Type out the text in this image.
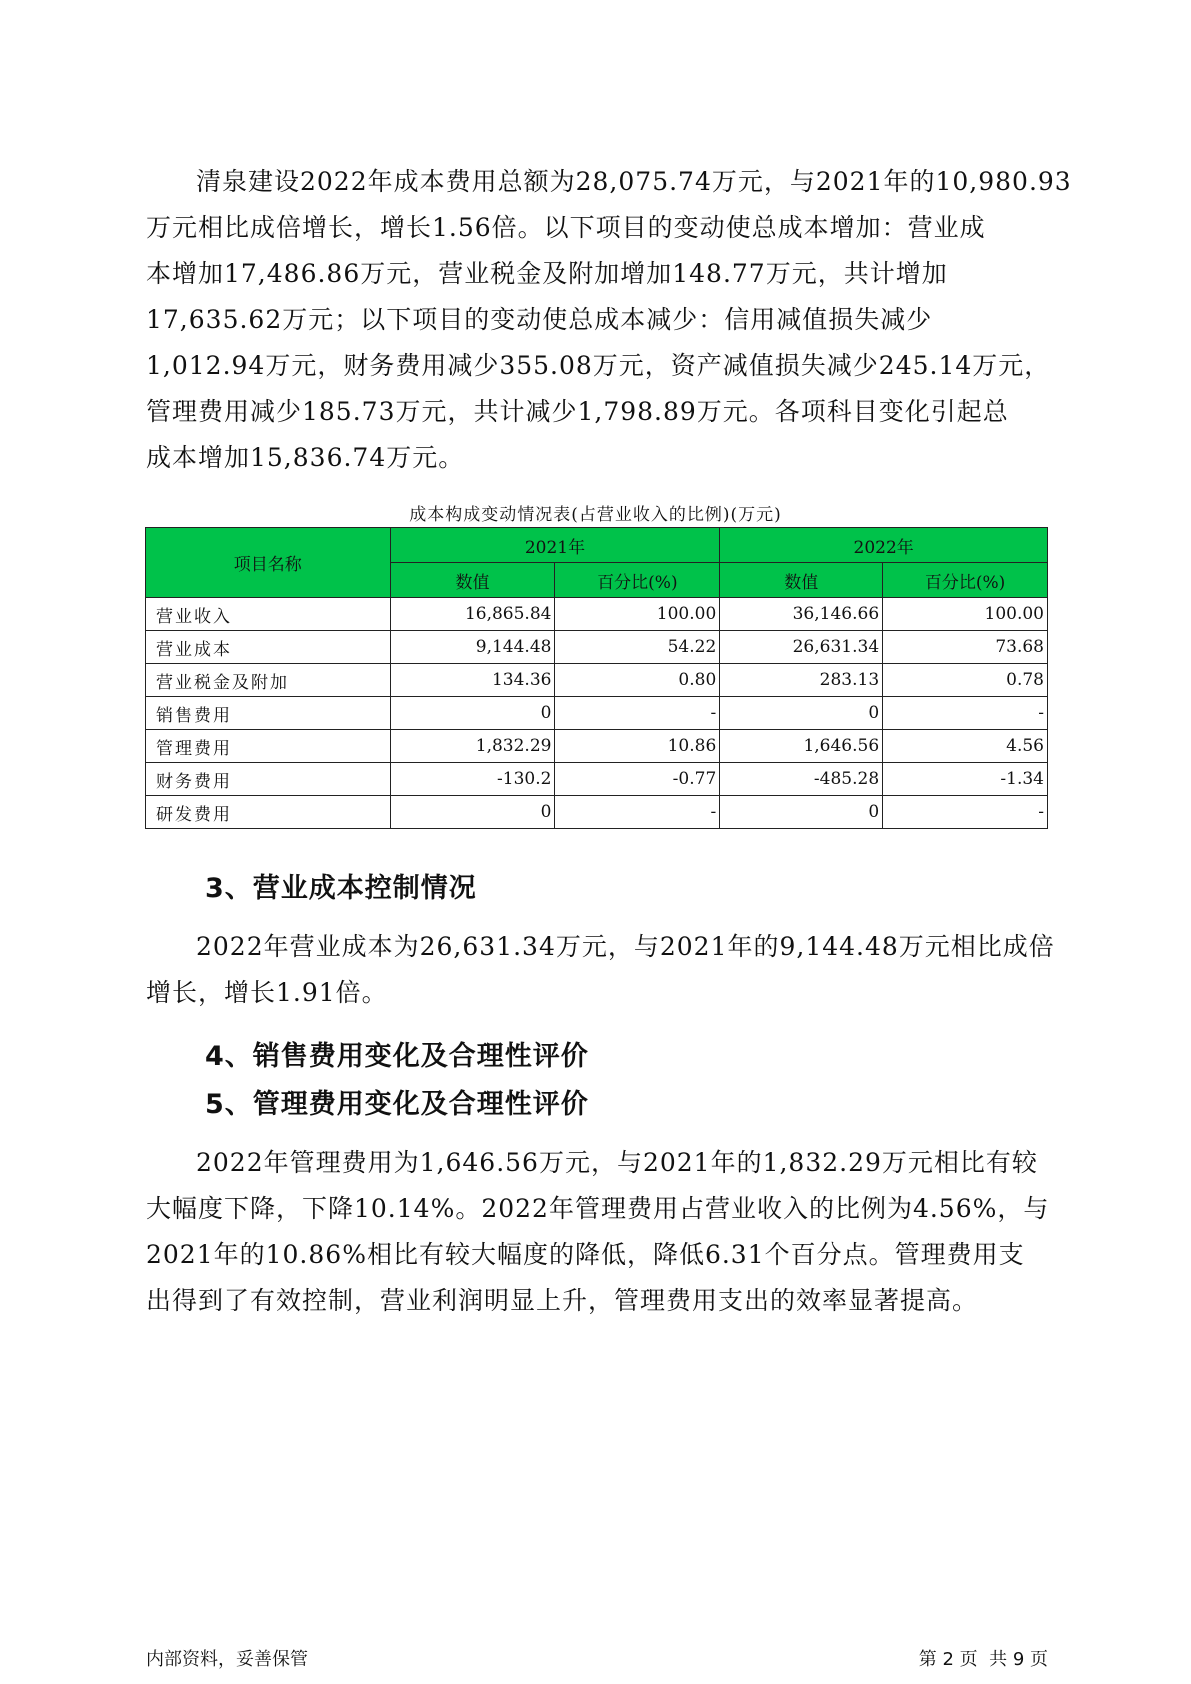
清泉建设2022年成本费用总额为28,075.74万元，与2021年的10,980.93
万元相比成倍增长，增长1.56倍。以下项目的变动使总成本增加：营业成
本增加17,486.86万元，营业税金及附加增加148.77万元，共计增加
17,635.62万元；以下项目的变动使总成本减少：信用减值损失减少
1,012.94万元，财务费用减少355.08万元，资产减值损失减少245.14万元，
管理费用减少185.73万元，共计减少1,798.89万元。各项科目变化引起总
成本增加15,836.74万元。
成本构成变动情况表(占营业收入的比例)(万元)
项目名称	2021年		2022年	
	数值	百分比(%)	数值	百分比(%)
营业收入	16,865.84	100.00	36,146.66	100.00
营业成本	9,144.48	54.22	26,631.34	73.68
营业税金及附加	134.36	0.80	283.13	0.78
销售费用	0	-	0	-
管理费用	1,832.29	10.86	1,646.56	4.56
财务费用	-130.2	-0.77	-485.28	-1.34
研发费用	0	-	0	-
3、营业成本控制情况
2022年营业成本为26,631.34万元，与2021年的9,144.48万元相比成倍
增长，增长1.91倍。
4、销售费用变化及合理性评价
5、管理费用变化及合理性评价
2022年管理费用为1,646.56万元，与2021年的1,832.29万元相比有较
大幅度下降，下降10.14%。2022年管理费用占营业收入的比例为4.56%，与
2021年的10.86%相比有较大幅度的降低，降低6.31个百分点。管理费用支
出得到了有效控制，营业利润明显上升，管理费用支出的效率显著提高。
内部资料，妥善保管	第 2 页  共 9 页
